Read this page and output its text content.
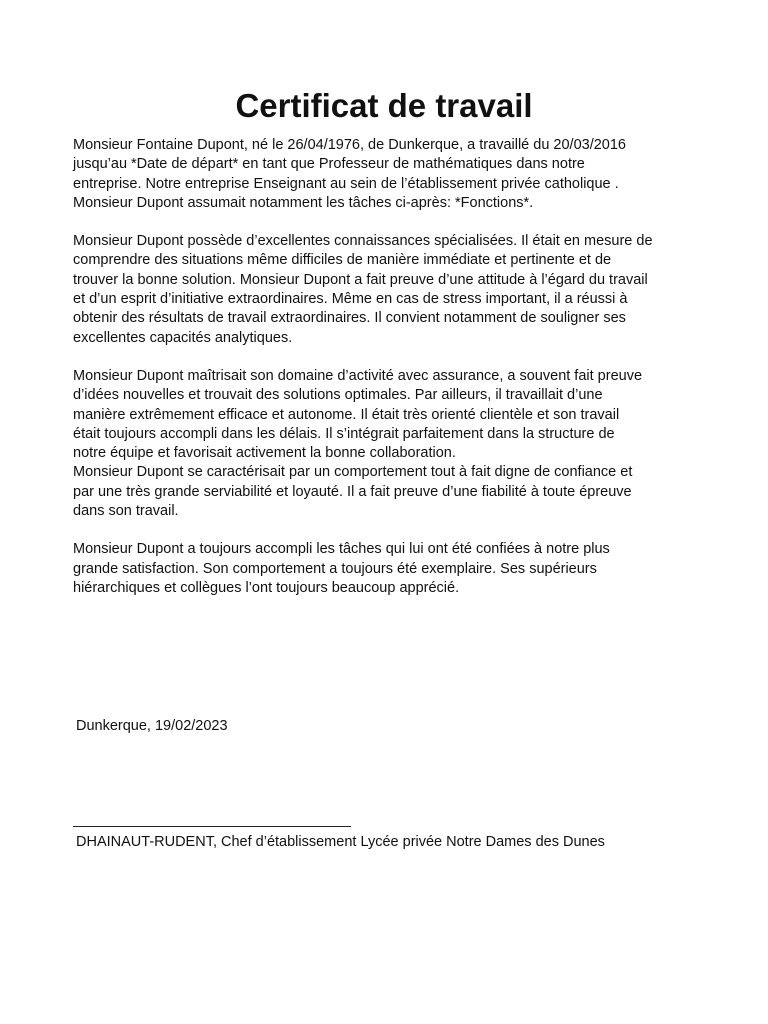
Certificat de travail

Monsieur Fontaine Dupont, né le 26/04/1976, de Dunkerque, a travaillé du 20/03/2016
jusqu’au *Date de départ* en tant que Professeur de mathématiques dans notre
entreprise. Notre entreprise Enseignant au sein de l’établissement privée catholique .
Monsieur Dupont assumait notamment les tâches ci-après: *Fonctions*.

Monsieur Dupont possède d’excellentes connaissances spécialisées. Il était en mesure de
comprendre des situations même difficiles de manière immédiate et pertinente et de
trouver la bonne solution. Monsieur Dupont a fait preuve d’une attitude à l’égard du travail
et d’un esprit d’initiative extraordinaires. Même en cas de stress important, il a réussi à
obtenir des résultats de travail extraordinaires. Il convient notamment de souligner ses
excellentes capacités analytiques.

Monsieur Dupont maîtrisait son domaine d’activité avec assurance, a souvent fait preuve
d’idées nouvelles et trouvait des solutions optimales. Par ailleurs, il travaillait d’une
manière extrêmement efficace et autonome. Il était très orienté clientèle et son travail
était toujours accompli dans les délais. Il s’intégrait parfaitement dans la structure de
notre équipe et favorisait activement la bonne collaboration.
Monsieur Dupont se caractérisait par un comportement tout à fait digne de confiance et
par une très grande serviabilité et loyauté. Il a fait preuve d’une fiabilité à toute épreuve
dans son travail.

Monsieur Dupont a toujours accompli les tâches qui lui ont été confiées à notre plus
grande satisfaction. Son comportement a toujours été exemplaire. Ses supérieurs
hiérarchiques et collègues l’ont toujours beaucoup apprécié.

Dunkerque, 19/02/2023
DHAINAUT-RUDENT, Chef d’établissement Lycée privée Notre Dames des Dunes
